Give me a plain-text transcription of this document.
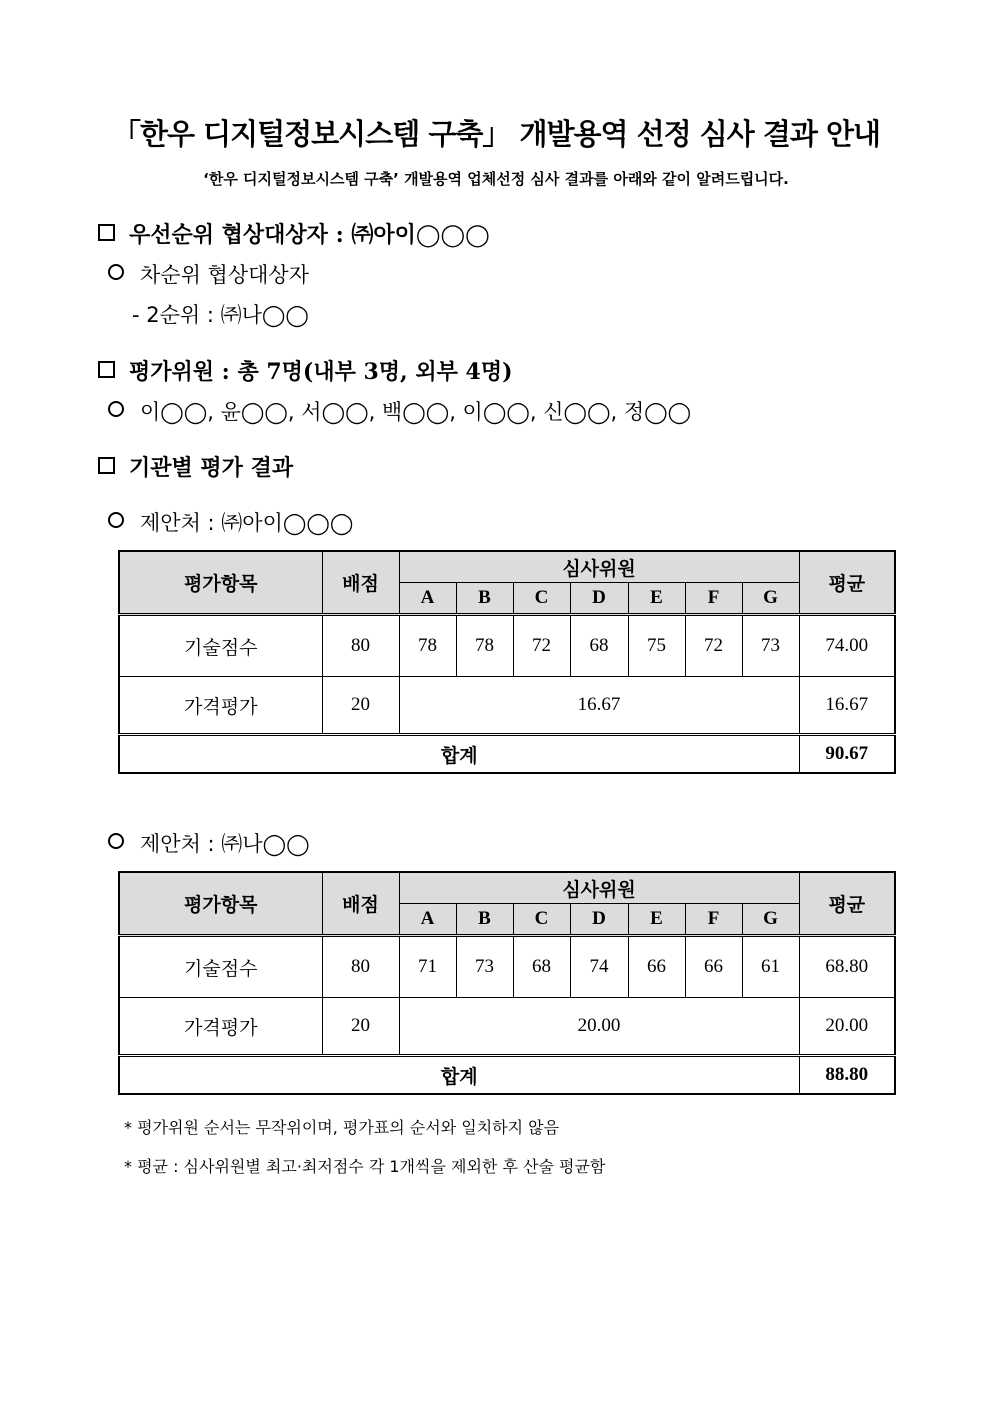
「한우 디지털정보시스템 구축」 개발용역 선정 심사 결과 안내
‘한우 디지털정보시스템 구축’ 개발용역 업체선정 심사 결과를 아래와 같이 알려드립니다.
우선순위 협상대상자 : ㈜아이◯◯◯
차순위 협상대상자
- 2순위 : ㈜나◯◯
평가위원 : 총 7명(내부 3명, 외부 4명)
이◯◯, 윤◯◯, 서◯◯, 백◯◯, 이◯◯, 신◯◯, 정◯◯
기관별 평가 결과
제안처 : ㈜아이◯◯◯
평가항목	배점	심사위원							평균
		A	B	C	D	E	F	G	
기술점수	80	78	78	72	68	75	72	73	74.00
가격평가	20	16.67							16.67
합계									90.67
제안처 : ㈜나◯◯
평가항목	배점	심사위원							평균
		A	B	C	D	E	F	G	
기술점수	80	71	73	68	74	66	66	61	68.80
가격평가	20	20.00							20.00
합계									88.80
* 평가위원 순서는 무작위이며, 평가표의 순서와 일치하지 않음
* 평균 : 심사위원별 최고·최저점수 각 1개씩을 제외한 후 산술 평균함
